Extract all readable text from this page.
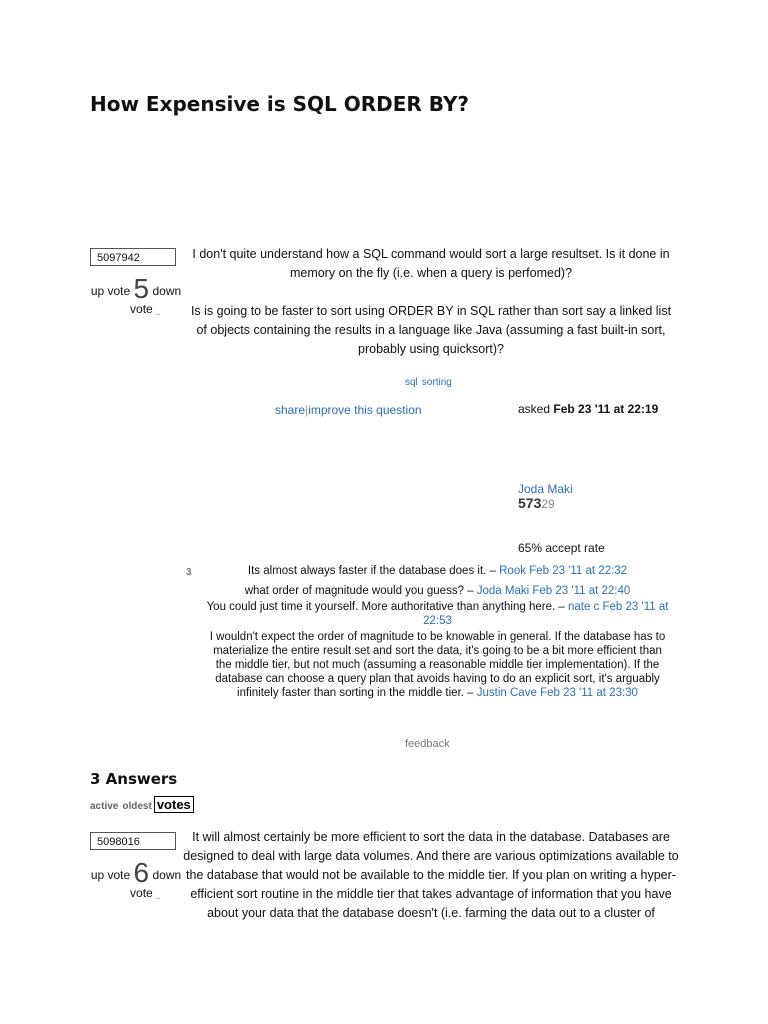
How Expensive is SQL ORDER BY?
5097942
up vote 5 down
vote _

I don't quite understand how a SQL command would sort a large resultset. Is it done in memory on the fly (i.e. when a query is perfomed)?

Is is going to be faster to sort using ORDER BY in SQL rather than sort say a linked list of objects containing the results in a language like Java (assuming a fast built-in sort, probably using quicksort)?

sql sorting
share|improve this question	asked Feb 23 '11 at 22:19
Joda Maki
57329
65% accept rate
3	Its almost always faster if the database does it. – Rook Feb 23 '11 at 22:32
what order of magnitude would you guess? – Joda Maki Feb 23 '11 at 22:40
You could just time it yourself. More authoritative than anything here. – nate c Feb 23 '11 at 22:53
I wouldn't expect the order of magnitude to be knowable in general. If the database has to materialize the entire result set and sort the data, it's going to be a bit more efficient than the middle tier, but not much (assuming a reasonable middle tier implementation). If the database can choose a query plan that avoids having to do an explicit sort, it's arguably infinitely faster than sorting in the middle tier. – Justin Cave Feb 23 '11 at 23:30
feedback
3 Answers
active oldest votes
5098016
up vote 6 down
vote _

It will almost certainly be more efficient to sort the data in the database. Databases are designed to deal with large data volumes. And there are various optimizations available to the database that would not be available to the middle tier. If you plan on writing a hyper-efficient sort routine in the middle tier that takes advantage of information that you have about your data that the database doesn't (i.e. farming the data out to a cluster of
